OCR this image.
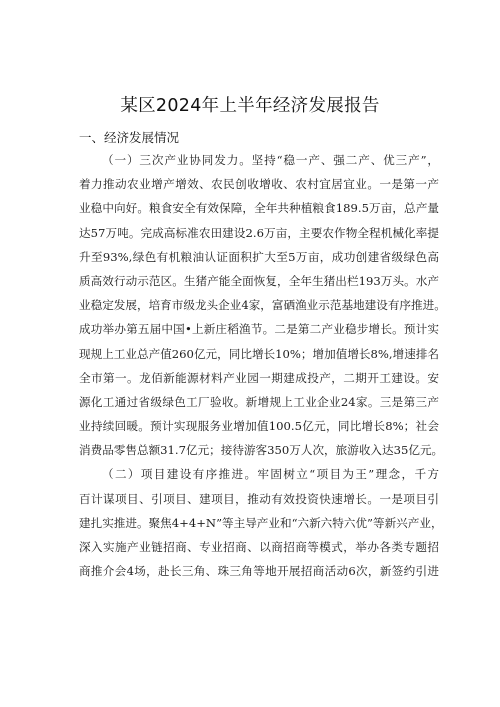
某区2024年上半年经济发展报告
一、经济发展情况
（一）三次产业协同发力。坚持“稳一产、强二产、优三产”，
着力推动农业增产增效、农民创收增收、农村宜居宜业。一是第一产
业稳中向好。粮食安全有效保障，全年共种植粮食189.5万亩，总产量
达57万吨。完成高标准农田建设2.6万亩，主要农作物全程机械化率提
升至93%,绿色有机粮油认证面积扩大至5万亩，成功创建省级绿色高
质高效行动示范区。生猪产能全面恢复，全年生猪出栏193万头。水产
业稳定发展，培育市级龙头企业4家，富硒渔业示范基地建设有序推进。
成功举办第五届中国•上新庄稻渔节。二是第二产业稳步增长。预计实
现规上工业总产值260亿元，同比增长10%；增加值增长8%,增速排名
全市第一。龙佰新能源材料产业园一期建成投产，二期开工建设。安
源化工通过省级绿色工厂验收。新增规上工业企业24家。三是第三产
业持续回暖。预计实现服务业增加值100.5亿元，同比增长8%；社会
消费品零售总额31.7亿元；接待游客350万人次，旅游收入达35亿元。
（二）项目建设有序推进。牢固树立“项目为王”理念，千方
百计谋项目、引项目、建项目，推动有效投资快速增长。一是项目引
建扎实推进。聚焦4+4+N”等主导产业和“六新六特六优”等新兴产业，
深入实施产业链招商、专业招商、以商招商等模式，举办各类专题招
商推介会4场，赴长三角、珠三角等地开展招商活动6次，新签约引进
